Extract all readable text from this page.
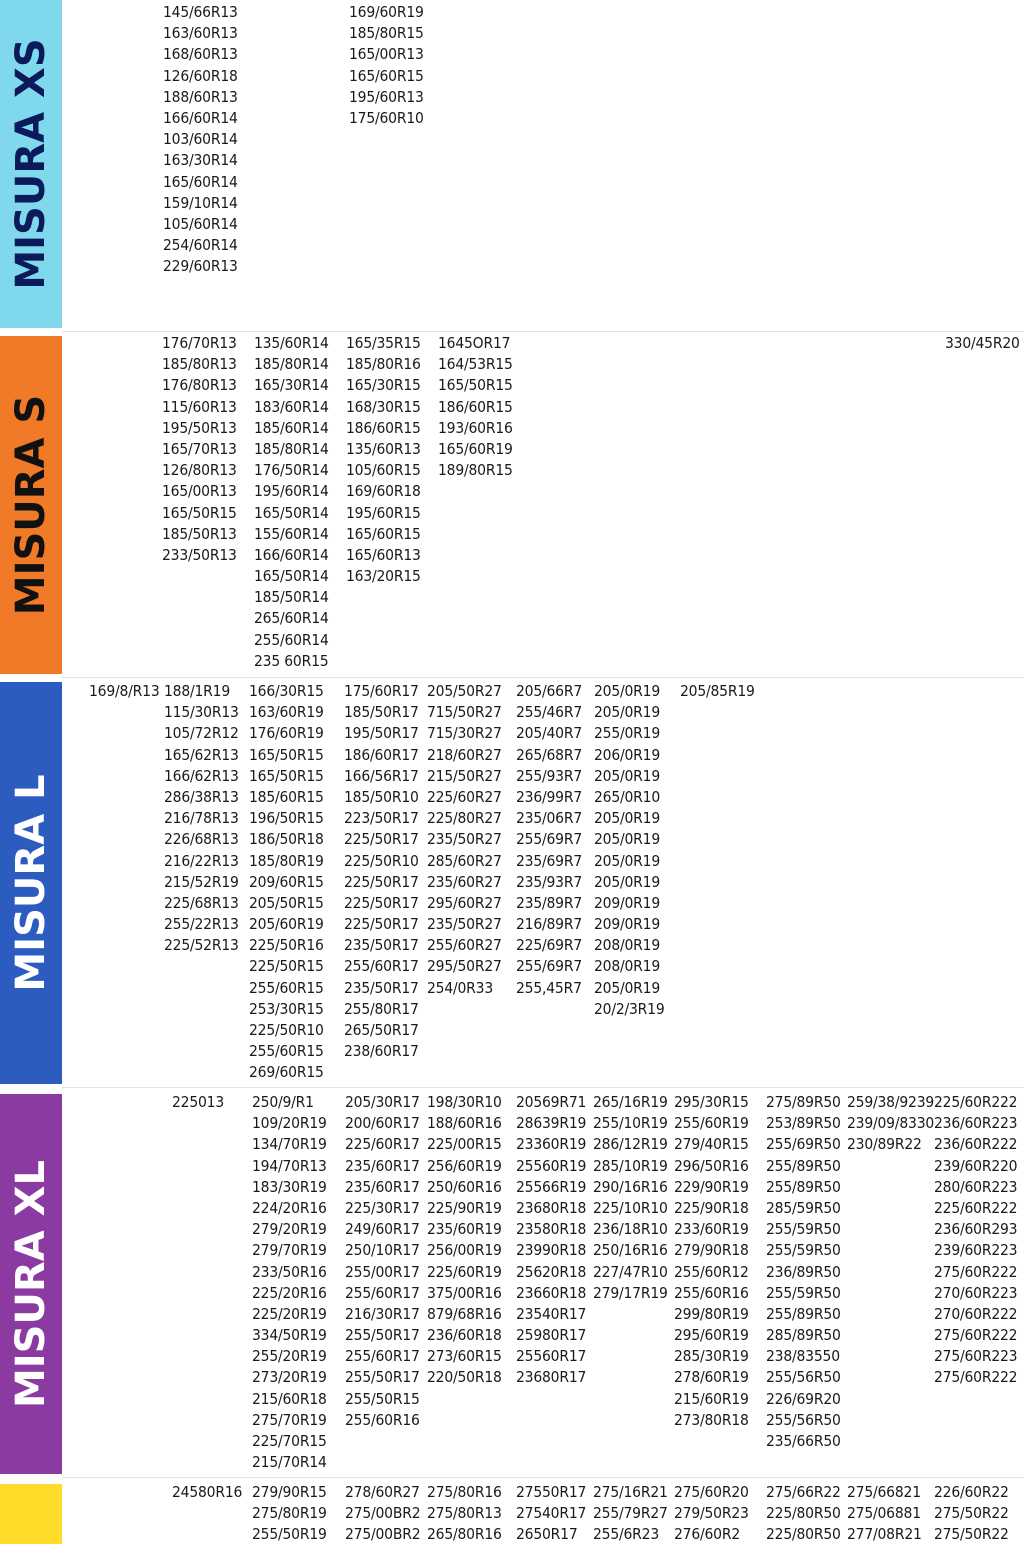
MISURA XS
145/66R13
163/60R13
168/60R13
126/60R18
188/60R13
166/60R14
103/60R14
163/30R14
165/60R14
159/10R14
105/60R14
254/60R14
229/60R13
169/60R19
185/80R15
165/00R13
165/60R15
195/60R13
175/60R10
MISURA S
176/70R13
185/80R13
176/80R13
115/60R13
195/50R13
165/70R13
126/80R13
165/00R13
165/50R15
185/50R13
233/50R13
135/60R14
185/80R14
165/30R14
183/60R14
185/60R14
185/80R14
176/50R14
195/60R14
165/50R14
155/60R14
166/60R14
165/50R14
185/50R14
265/60R14
255/60R14
235 60R15
165/35R15
185/80R16
165/30R15
168/30R15
186/60R15
135/60R13
105/60R15
169/60R18
195/60R15
165/60R15
165/60R13
163/20R15
1645OR17
164/53R15
165/50R15
186/60R15
193/60R16
165/60R19
189/80R15
330/45R20
MISURA L
169/8/R13 188/1R19
115/30R13
105/72R12
165/62R13
166/62R13
286/38R13
216/78R13
226/68R13
216/22R13
215/52R19
225/68R13
255/22R13
225/52R13
166/30R15
163/60R19
176/60R19
165/50R15
165/50R15
185/60R15
196/50R15
186/50R18
185/80R19
209/60R15
205/50R15
205/60R19
225/50R16
225/50R15
255/60R15
253/30R15
225/50R10
255/60R15
269/60R15
175/60R17
185/50R17
195/50R17
186/60R17
166/56R17
185/50R10
223/50R17
225/50R17
225/50R10
225/50R17
225/50R17
225/50R17
235/50R17
255/60R17
235/50R17
255/80R17
265/50R17
238/60R17
205/50R27
715/50R27
715/30R27
218/60R27
215/50R27
225/60R27
225/80R27
235/50R27
285/60R27
235/60R27
295/60R27
235/50R27
255/60R27
295/50R27
254/0R33
205/66R7
255/46R7
205/40R7
265/68R7
255/93R7
236/99R7
235/06R7
255/69R7
235/69R7
235/93R7
235/89R7
216/89R7
225/69R7
255/69R7
255,45R7
205/0R19
205/0R19
255/0R19
206/0R19
205/0R19
265/0R10
205/0R19
205/0R19
205/0R19
205/0R19
209/0R19
209/0R19
208/0R19
208/0R19
205/0R19
20/2/3R19
205/85R19
MISURA XL
225013 250/9/R1
109/20R19
134/70R19
194/70R13
183/30R19
224/20R16
279/20R19
279/70R19
233/50R16
225/20R16
225/20R19
334/50R19
255/20R19
273/20R19
215/60R18
275/70R19
225/70R15
215/70R14
205/30R17
200/60R17
225/60R17
235/60R17
235/60R17
225/30R17
249/60R17
250/10R17
255/00R17
255/60R17
216/30R17
255/50R17
255/60R17
255/50R17
255/50R15
255/60R16
198/30R10
188/60R16
225/00R15
256/60R19
250/60R16
225/90R19
235/60R19
256/00R19
225/60R19
375/00R16
879/68R16
236/60R18
273/60R15
220/50R18
20569R71
28639R19
23360R19
25560R19
25566R19
23680R18
23580R18
23990R18
25620R18
23660R18
23540R17
25980R17
25560R17
23680R17
265/16R19
255/10R19
286/12R19
285/10R19
290/16R16
225/10R10
236/18R10
250/16R16
227/47R10
279/17R19
295/30R15
255/60R19
279/40R15
296/50R16
229/90R19
225/90R18
233/60R19
279/90R18
255/60R12
255/60R16
299/80R19
295/60R19
285/30R19
278/60R19
215/60R19
273/80R18
275/89R50
253/89R50
255/69R50
255/89R50
255/89R50
285/59R50
255/59R50
255/59R50
236/89R50
255/59R50
255/89R50
285/89R50
238/83550
255/56R50
226/69R20
255/56R50
235/66R50
259/38/9239
239/09/8330
230/89R22
225/60R222
236/60R223
236/60R222
239/60R220
280/60R223
225/60R222
236/60R293
239/60R223
275/60R222
270/60R223
270/60R222
275/60R222
275/60R223
275/60R222
24580R16 279/90R15
275/80R19
255/50R19
278/60R27
275/00BR2
275/00BR2
275/80R16
275/80R13
265/80R16
27550R17
27540R17
2650R17
275/16R21
255/79R27
255/6R23
275/60R20
279/50R23
276/60R2
275/66R22
225/80R50
225/80R50
275/66821
275/06881
277/08R21
226/60R22
275/50R22
275/50R22
